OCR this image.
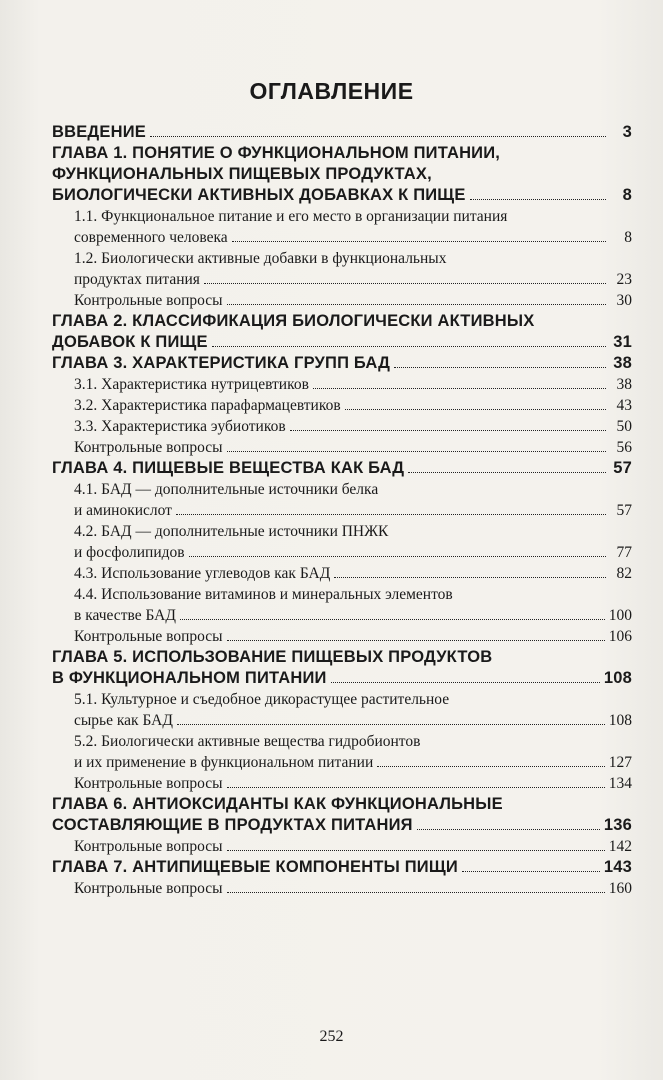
ОГЛАВЛЕНИЕ
ВВЕДЕНИЕ	3
ГЛАВА 1. ПОНЯТИЕ О ФУНКЦИОНАЛЬНОМ ПИТАНИИ,
ФУНКЦИОНАЛЬНЫХ ПИЩЕВЫХ ПРОДУКТАХ,
БИОЛОГИЧЕСКИ АКТИВНЫХ ДОБАВКАХ К ПИЩЕ	8
1.1. Функциональное питание и его место в организации питания
современного человека	8
1.2. Биологически активные добавки в функциональных
продуктах питания	23
Контрольные вопросы	30
ГЛАВА 2. КЛАССИФИКАЦИЯ БИОЛОГИЧЕСКИ АКТИВНЫХ
ДОБАВОК К ПИЩЕ	31
ГЛАВА 3. ХАРАКТЕРИСТИКА ГРУПП БАД	38
3.1. Характеристика нутрицевтиков	38
3.2. Характеристика парафармацевтиков	43
3.3. Характеристика эубиотиков	50
Контрольные вопросы	56
ГЛАВА 4. ПИЩЕВЫЕ ВЕЩЕСТВА КАК БАД	57
4.1. БАД — дополнительные источники белка
и аминокислот	57
4.2. БАД — дополнительные источники ПНЖК
и фосфолипидов	77
4.3. Использование углеводов как БАД	82
4.4. Использование витаминов и минеральных элементов
в качестве БАД	100
Контрольные вопросы	106
ГЛАВА 5. ИСПОЛЬЗОВАНИЕ ПИЩЕВЫХ ПРОДУКТОВ
В ФУНКЦИОНАЛЬНОМ ПИТАНИИ	108
5.1. Культурное и съедобное дикорастущее растительное
сырье как БАД	108
5.2. Биологически активные вещества гидробионтов
и их применение в функциональном питании	127
Контрольные вопросы	134
ГЛАВА 6. АНТИОКСИДАНТЫ КАК ФУНКЦИОНАЛЬНЫЕ
СОСТАВЛЯЮЩИЕ В ПРОДУКТАХ ПИТАНИЯ	136
Контрольные вопросы	142
ГЛАВА 7. АНТИПИЩЕВЫЕ КОМПОНЕНТЫ ПИЩИ	143
Контрольные вопросы	160
252
